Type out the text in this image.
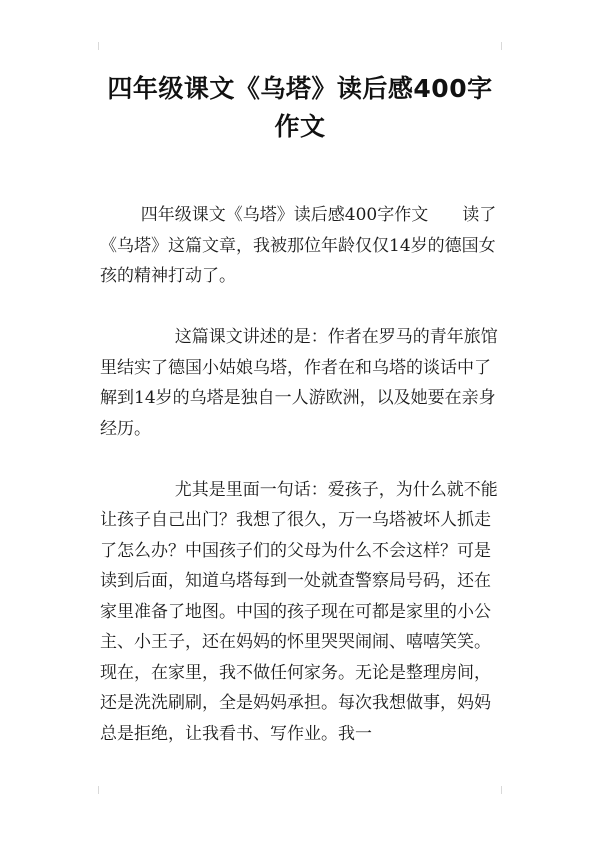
四年级课文《乌塔》读后感400字作文

四年级课文《乌塔》读后感400字作文　　读了《乌塔》这篇文章，我被那位年龄仅仅14岁的德国女孩的精神打动了。

这篇课文讲述的是：作者在罗马的青年旅馆里结实了德国小姑娘乌塔，作者在和乌塔的谈话中了解到14岁的乌塔是独自一人游欧洲，以及她要在亲身经历。

尤其是里面一句话：爱孩子，为什么就不能让孩子自己出门？我想了很久，万一乌塔被坏人抓走了怎么办？中国孩子们的父母为什么不会这样？可是读到后面，知道乌塔每到一处就查警察局号码，还在家里准备了地图。中国的孩子现在可都是家里的小公主、小王子，还在妈妈的怀里哭哭闹闹、嘻嘻笑笑。现在，在家里，我不做任何家务。无论是整理房间，还是洗洗刷刷，全是妈妈承担。每次我想做事，妈妈总是拒绝，让我看书、写作业。我一
